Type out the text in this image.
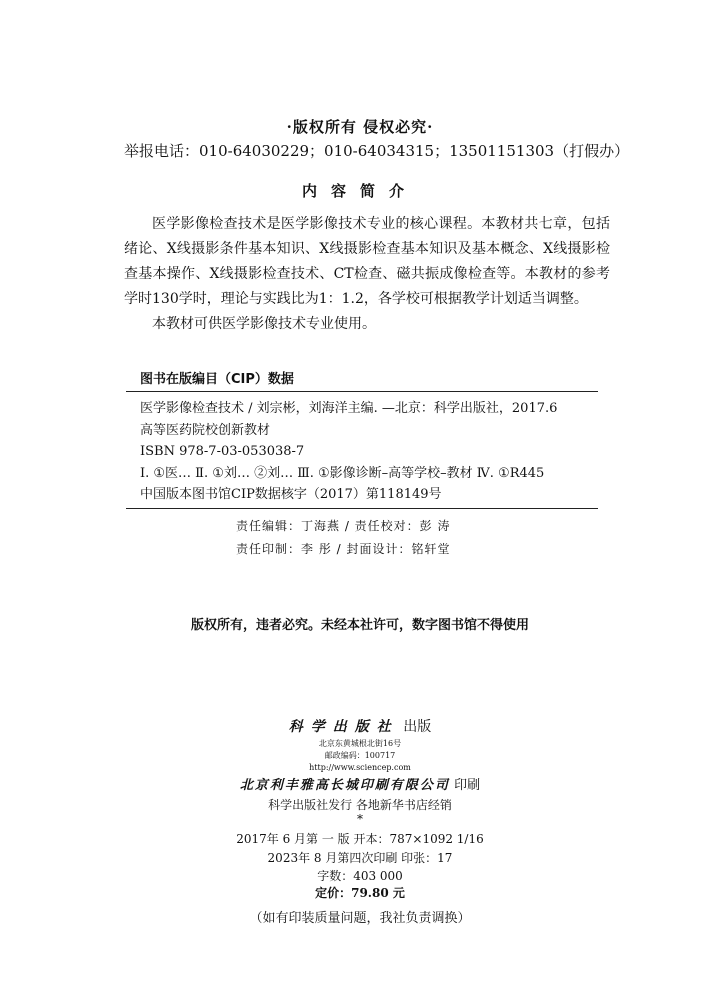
·版权所有 侵权必究·
举报电话：010-64030229；010-64034315；13501151303（打假办）
内容简介

医学影像检查技术是医学影像技术专业的核心课程。本教材共七章，包括绪论、X线摄影条件基本知识、X线摄影检查基本知识及基本概念、X线摄影检查基本操作、X线摄影检查技术、CT检查、磁共振成像检查等。本教材的参考学时130学时，理论与实践比为1：1.2，各学校可根据教学计划适当调整。

本教材可供医学影像技术专业使用。

图书在版编目（CIP）数据
医学影像检查技术 / 刘宗彬，刘海洋主编. —北京：科学出版社，2017.6
高等医药院校创新教材
ISBN 978-7-03-053038-7
Ⅰ. ①医… Ⅱ. ①刘… ②刘… Ⅲ. ①影像诊断–高等学校–教材 Ⅳ. ①R445
中国版本图书馆CIP数据核字（2017）第118149号
责任编辑：丁海燕 / 责任校对：彭 涛
责任印制：李 彤 / 封面设计：铭轩堂
版权所有，违者必究。未经本社许可，数字图书馆不得使用
科学出版社 出版
北京东黄城根北街16号
邮政编码：100717
http://www.sciencep.com
北京利丰雅高长城印刷有限公司 印刷
科学出版社发行 各地新华书店经销
*
2017年 6 月第 一 版 开本：787×1092 1/16
2023年 8 月第四次印刷 印张：17
字数：403 000
定价：79.80 元
（如有印装质量问题，我社负责调换）
